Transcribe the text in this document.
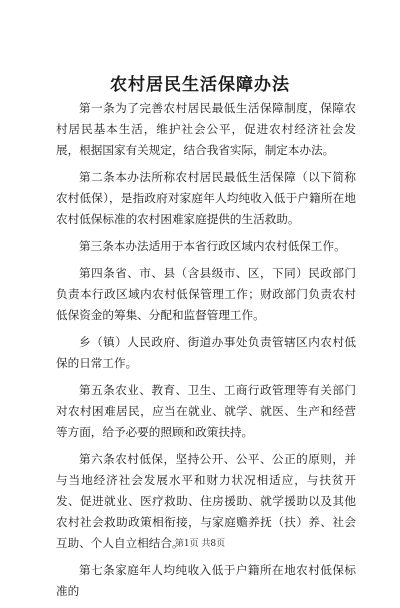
农村居民生活保障办法

第一条为了完善农村居民最低生活保障制度，保障农村居民基本生活，维护社会公平，促进农村经济社会发展，根据国家有关规定，结合我省实际，制定本办法。

第二条本办法所称农村居民最低生活保障（以下简称农村低保），是指政府对家庭年人均纯收入低于户籍所在地农村低保标准的农村困难家庭提供的生活救助。

第三条本办法适用于本省行政区域内农村低保工作。

第四条省、市、县（含县级市、区，下同）民政部门负责本行政区域内农村低保管理工作；财政部门负责农村低保资金的筹集、分配和监督管理工作。

乡（镇）人民政府、街道办事处负责管辖区内农村低保的日常工作。

第五条农业、教育、卫生、工商行政管理等有关部门对农村困难居民，应当在就业、就学、就医、生产和经营等方面，给予必要的照顾和政策扶持。

第六条农村低保，坚持公开、公平、公正的原则，并与当地经济社会发展水平和财力状况相适应，与扶贫开发、促进就业、医疗救助、住房援助、就学援助以及其他农村社会救助政策相衔接，与家庭赡养抚（扶）养、社会互助、个人自立相结合。

第七条家庭年人均纯收入低于户籍所在地农村低保标准的

第1页 共8页
